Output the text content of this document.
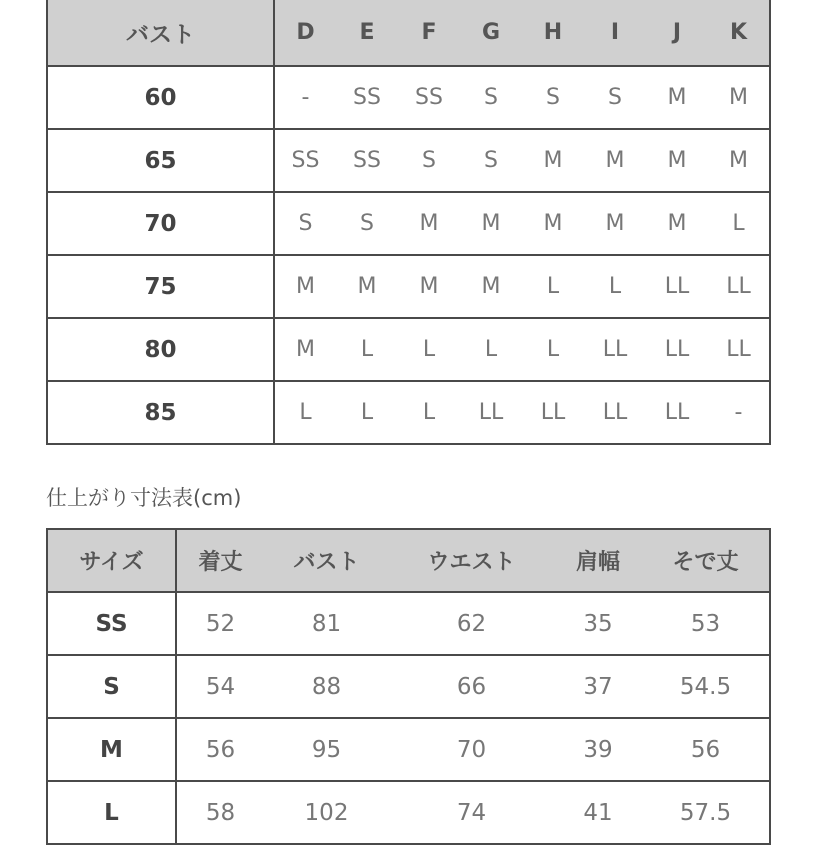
バスト	D	E	F	G	H	I	J	K
60	-	SS	SS	S	S	S	M	M
65	SS	SS	S	S	M	M	M	M
70	S	S	M	M	M	M	M	L
75	M	M	M	M	L	L	LL	LL
80	M	L	L	L	L	LL	LL	LL
85	L	L	L	LL	LL	LL	LL	-
仕上がり寸法表(cm)
サイズ	着丈	バスト	ウエスト	肩幅	そで丈
SS	52	81	62	35	53
S	54	88	66	37	54.5
M	56	95	70	39	56
L	58	102	74	41	57.5
